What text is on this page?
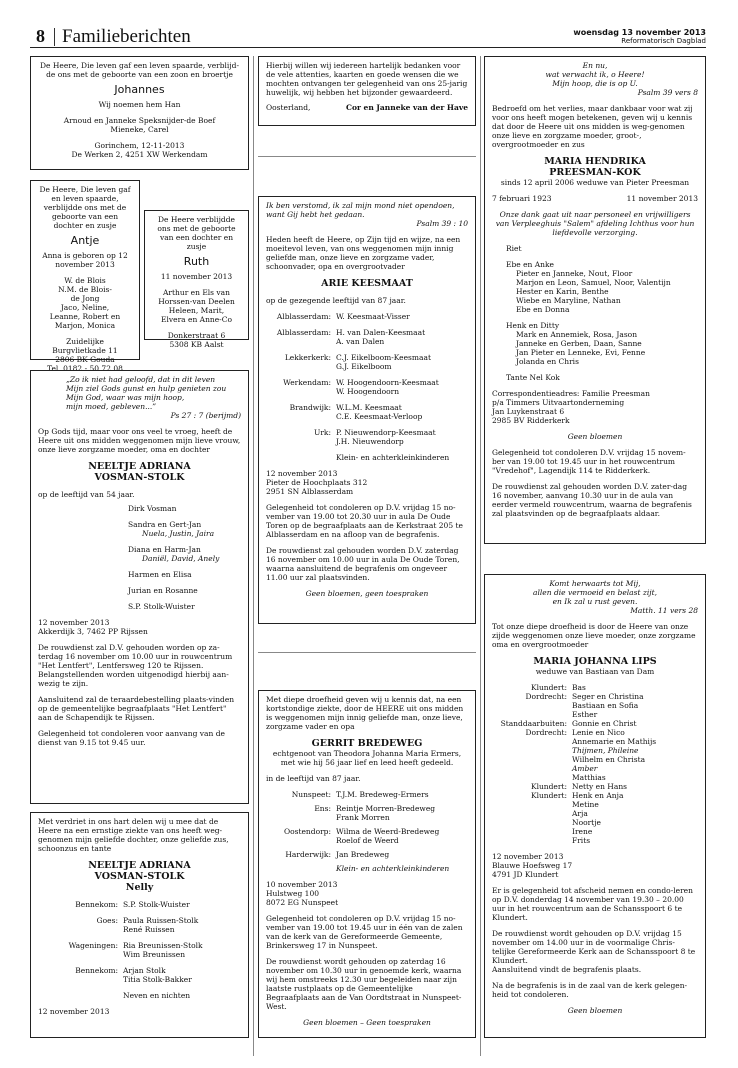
8 Familieberichten	woensdag 13 november 2013
Reformatorisch Dagblad
De Heere, Die leven gaf een leven spaarde, verblijd-de ons met de geboorte van een zoon en broertje
Johannes
Wij noemen hem Han
Arnoud en Janneke Speksnijder-de Boef
Mieneke, Carel
Gorinchem, 12-11-2013
De Werken 2, 4251 XW Werkendam
De Heere, Die leven gaf en leven spaarde, verblijdde ons met de geboorte van een dochter en zusje
Antje
Anna is geboren op 12 november 2013
W. de Blois
N.M. de Blois-
de Jong
Jaco, Neline,
Leanne, Robert en
Marjon, Monica
Zuidelijke
Burgvlietkade 11
2806 BK Gouda
Tel. 0182 - 50 72 08
De Heere verblijdde ons met de geboorte van een dochter en zusje
Ruth
11 november 2013
Arthur en Els van
Horssen-van Deelen
Heleen, Marit,
Elvera en Anne-Co
Donkerstraat 6
5308 KB Aalst
„Zo ik niet had geloofd, dat in dit leven
Mijn ziel Gods gunst en hulp genieten zou
Mijn God, waar was mijn hoop,
mijn moed, gebleven...”
Ps 27 : 7 (berijmd)
Op Gods tijd, maar voor ons veel te vroeg, heeft de Heere uit ons midden weggenomen mijn lieve vrouw, onze lieve zorgzame moeder, oma en dochter
NEELTJE ADRIANA
VOSMAN-STOLK
op de leeftijd van 54 jaar.
Dirk Vosman
Sandra en Gert-Jan
Nuela, Justin, Jaira
Diana en Harm-Jan
Daniël, David, Anely
Harmen en Elisa
Jurian en Rosanne
S.P. Stolk-Wuister
12 november 2013
Akkerdijk 3, 7462 PP Rijssen
De rouwdienst zal D.V. gehouden worden op za-terdag 16 november om 10.00 uur in rouwcentrum "Het Lentfert", Lentfersweg 120 te Rijssen. Belangstellenden worden uitgenodigd hierbij aan-wezig te zijn.
Aansluitend zal de teraardebestelling plaats-vinden op de gemeentelijke begraafplaats "Het Lentfert" aan de Schapendijk te Rijssen.
Gelegenheid tot condoleren voor aanvang van de dienst van 9.15 tot 9.45 uur.
Met verdriet in ons hart delen wij u mee dat de Heere na een ernstige ziekte van ons heeft weg-genomen mijn geliefde dochter, onze geliefde zus, schoonzus en tante
NEELTJE ADRIANA
VOSMAN-STOLK
Nelly
Bennekom:	S.P. Stolk-Wuister

Goes:	Paula Ruissen-Stolk
	René Ruissen

Wageningen:	Ria Breunissen-Stolk
	Wim Breunissen

Bennekom:	Arjan Stolk
	Titia Stolk-Bakker

	Neven en nichten
12 november 2013
Hierbij willen wij iedereen hartelijk bedanken voor de vele attenties, kaarten en goede wensen die we mochten ontvangen ter gelegenheid van ons 25-jarig huwelijk, wij hebben het bijzonder gewaardeerd.
Oosterland,	Cor en Janneke van der Have
Ik ben verstomd, ik zal mijn mond niet opendoen,
want Gij hebt het gedaan.
Psalm 39 : 10
Heden heeft de Heere, op Zijn tijd en wijze, na een moeitevol leven, van ons weggenomen mijn innig geliefde man, onze lieve en zorgzame vader, schoonvader, opa en overgrootvader
ARIE KEESMAAT
op de gezegende leeftijd van 87 jaar.
Alblasserdam:	W. Keesmaat-Visser

Alblasserdam:	H. van Dalen-Keesmaat
	A. van Dalen

Lekkerkerk:	C.J. Eikelboom-Keesmaat
	G.J. Eikelboom

Werkendam:	W. Hoogendoorn-Keesmaat
	W. Hoogendoorn

Brandwijk:	W.L.M. Keesmaat
	C.E. Keesmaat-Verloop

Urk:	P. Nieuwendorp-Keesmaat
	J.H. Nieuwendorp

	Klein- en achterkleinkinderen
12 november 2013
Pieter de Hoochplaats 312
2951 SN Alblasserdam
Gelegenheid tot condoleren op D.V. vrijdag 15 no-vember van 19.00 tot 20.30 uur in aula De Oude Toren op de begraafplaats aan de Kerkstraat 205 te Alblasserdam en na afloop van de begrafenis.
De rouwdienst zal gehouden worden D.V. zaterdag 16 november om 10.00 uur in aula De Oude Toren, waarna aansluitend de begrafenis om ongeveer 11.00 uur zal plaatsvinden.
Geen bloemen, geen toespraken
Met diepe droefheid geven wij u kennis dat, na een kortstondige ziekte, door de HEERE uit ons midden is weggenomen mijn innig geliefde man, onze lieve, zorgzame vader en opa
GERRIT BREDEWEG
echtgenoot van Theodora Johanna Maria Ermers, met wie hij 56 jaar lief en leed heeft gedeeld.
in de leeftijd van 87 jaar.
Nunspeet:	T.J.M. Bredeweg-Ermers

Ens:	Reintje Morren-Bredeweg
	Frank Morren

Oostendorp:	Wilma de Weerd-Bredeweg
	Roelof de Weerd

Harderwijk:	Jan Bredeweg

	Klein- en achterkleinkinderen
10 november 2013
Hulstweg 100
8072 EG Nunspeet
Gelegenheid tot condoleren op D.V. vrijdag 15 no-vember van 19.00 tot 19.45 uur in één van de zalen van de kerk van de Gereformeerde Gemeente, Brinkersweg 17 in Nunspeet.
De rouwdienst wordt gehouden op zaterdag 16 november om 10.30 uur in genoemde kerk, waarna wij hem omstreeks 12.30 uur begeleiden naar zijn laatste rustplaats op de Gemeentelijke Begraafplaats aan de Van Oordtstraat in Nunspeet-West.
Geen bloemen – Geen toespraken
En nu,
wat verwacht ik, o Heere!
Mijn hoop, die is op U.
Psalm 39 vers 8
Bedroefd om het verlies, maar dankbaar voor wat zij voor ons heeft mogen betekenen, geven wij u kennis dat door de Heere uit ons midden is weg-genomen onze lieve en zorgzame moeder, groot-, overgrootmoeder en zus
MARIA HENDRIKA
PREESMAN-KOK
sinds 12 april 2006 weduwe van Pieter Preesman
7 februari 1923	11 november 2013
Onze dank gaat uit naar personeel en vrijwilligers van Verpleeghuis "Salem" afdeling Ichthus voor hun liefdevolle verzorging.
Riet
Ebe en Anke
Pieter en Janneke, Nout, Floor
Marjon en Leon, Samuel, Noor, Valentijn
Hester en Karin, Benthe
Wiebe en Maryline, Nathan
Ebe en Donna
Henk en Ditty
Mark en Annemiek, Rosa, Jason
Janneke en Gerben, Daan, Sanne
Jan Pieter en Lenneke, Evi, Fenne
Jolanda en Chris
Tante Nel Kok
Correspondentieadres: Familie Preesman
p/a Timmers Uitvaartonderneming
Jan Luykenstraat 6
2985 BV Ridderkerk
Geen bloemen
Gelegenheid tot condoleren D.V. vrijdag 15 novem-ber van 19.00 tot 19.45 uur in het rouwcentrum "Vredehof", Lagendijk 114 te Ridderkerk.
De rouwdienst zal gehouden worden D.V. zater-dag 16 november, aanvang 10.30 uur in de aula van eerder vermeld rouwcentrum, waarna de begrafenis zal plaatsvinden op de begraafplaats aldaar.
Komt herwaarts tot Mij,
allen die vermoeid en belast zijt,
en Ik zal u rust geven.
Matth. 11 vers 28
Tot onze diepe droefheid is door de Heere van onze zijde weggenomen onze lieve moeder, onze zorgzame oma en overgrootmoeder
MARIA JOHANNA LIPS
weduwe van Bastiaan van Dam
Klundert:	Bas
Dordrecht:	Seger en Christina
	Bastiaan en Sofia
	Esther
Standdaarbuiten:	Gonnie en Christ
Dordrecht:	Lenie en Nico
	Annemarie en Mathijs
	Thijmen, Phileine
	Wilhelm en Christa
	Amber
	Matthias
Klundert:	Netty en Hans
Klundert:	Henk en Anja
	Metine
	Arja
	Noortje
	Irene
	Frits
12 november 2013
Blauwe Hoefsweg 17
4791 JD Klundert
Er is gelegenheid tot afscheid nemen en condo-leren op D.V. donderdag 14 november van 19.30 – 20.00 uur in het rouwcentrum aan de Schansspoort 6 te Klundert.
De rouwdienst wordt gehouden op D.V. vrijdag 15 november om 14.00 uur in de voormalige Chris-telijke Gereformeerde Kerk aan de Schansspoort 8 te Klundert.
Aansluitend vindt de begrafenis plaats.
Na de begrafenis is in de zaal van de kerk gelegen-heid tot condoleren.
Geen bloemen
